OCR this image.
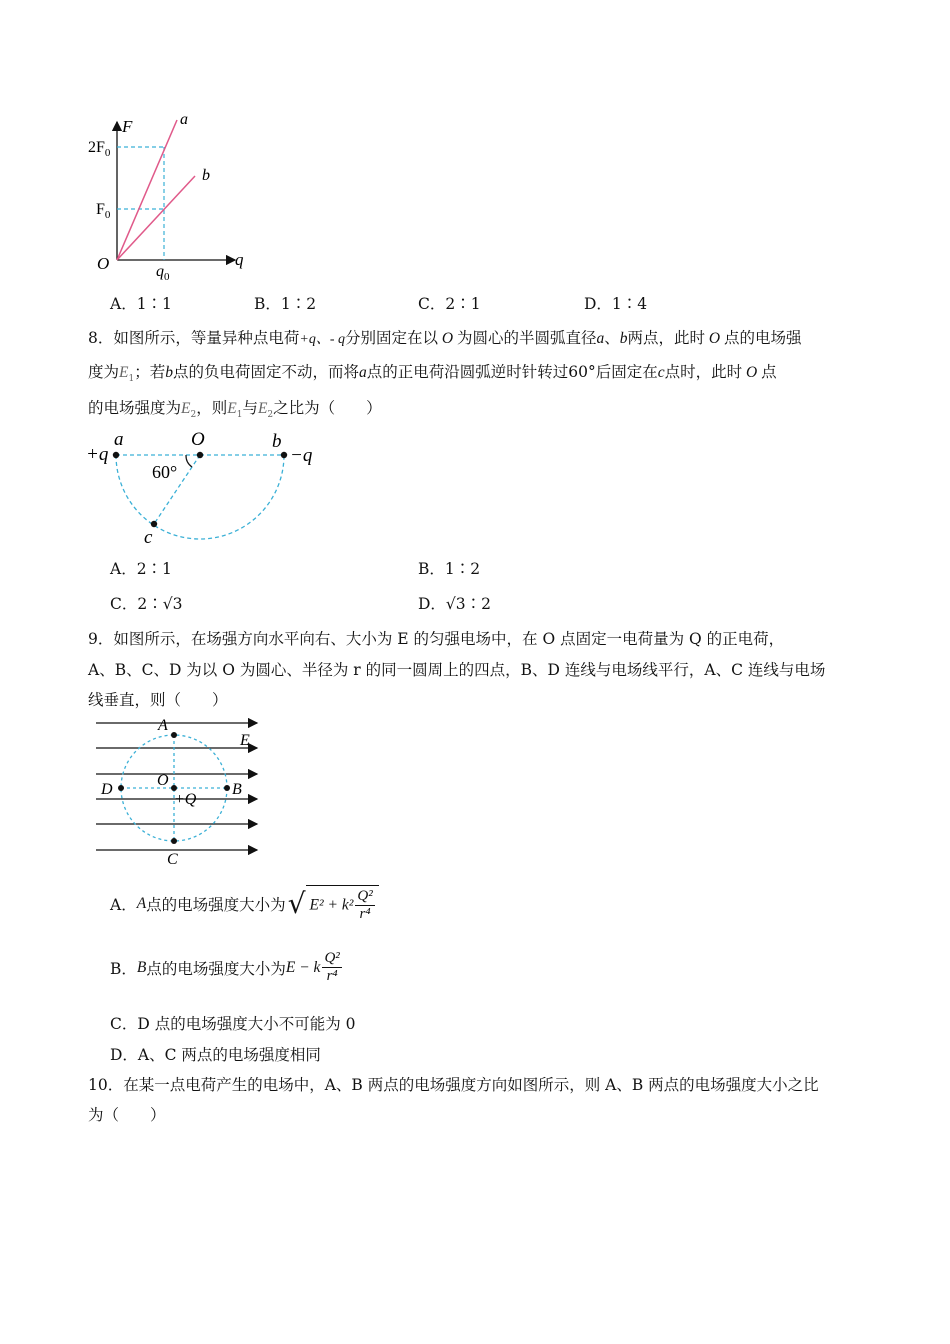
F
q
O
$2F_0$
$F_0$
$q_0$
a
b
A．1∶1	B．1∶2	C．2∶1	D．1∶4
8．如图所示，等量异种点电荷+q、- q分别固定在以 O 为圆心的半圆弧直径a、b两点，此时 O 点的电场强
度为$E_1$；若b点的负电荷固定不动，而将a点的正电荷沿圆弧逆时针转过60°后固定在c点时，此时 O 点
的电场强度为$E_2$，则$E_1$与$E_2$之比为（　　）
+q
a	O	b
−q
60°
c
A．2∶1	B．1∶2
C．2∶√3	D．√3∶2
9．如图所示，在场强方向水平向右、大小为 E 的匀强电场中，在 O 点固定一电荷量为 Q 的正电荷，
A、B、C、D 为以 O 为圆心、半径为 r 的同一圆周上的四点，B、D 连线与电场线平行，A、C 连线与电场
线垂直，则（　　）
A
E
O
D	B
+Q
C
A． A 点的电场强度大小为 √ $E^2 + k^2 \frac{\text{Q²}}{\text{r⁴}}$
B． B 点的电场强度大小为 E − k $\frac{\text{Q²}}{\text{r⁴}}$
C．D 点的电场强度大小不可能为 0
D．A、C 两点的电场强度相同
10．在某一点电荷产生的电场中，A、B 两点的电场强度方向如图所示，则 A、B 两点的电场强度大小之比
为（　　）
